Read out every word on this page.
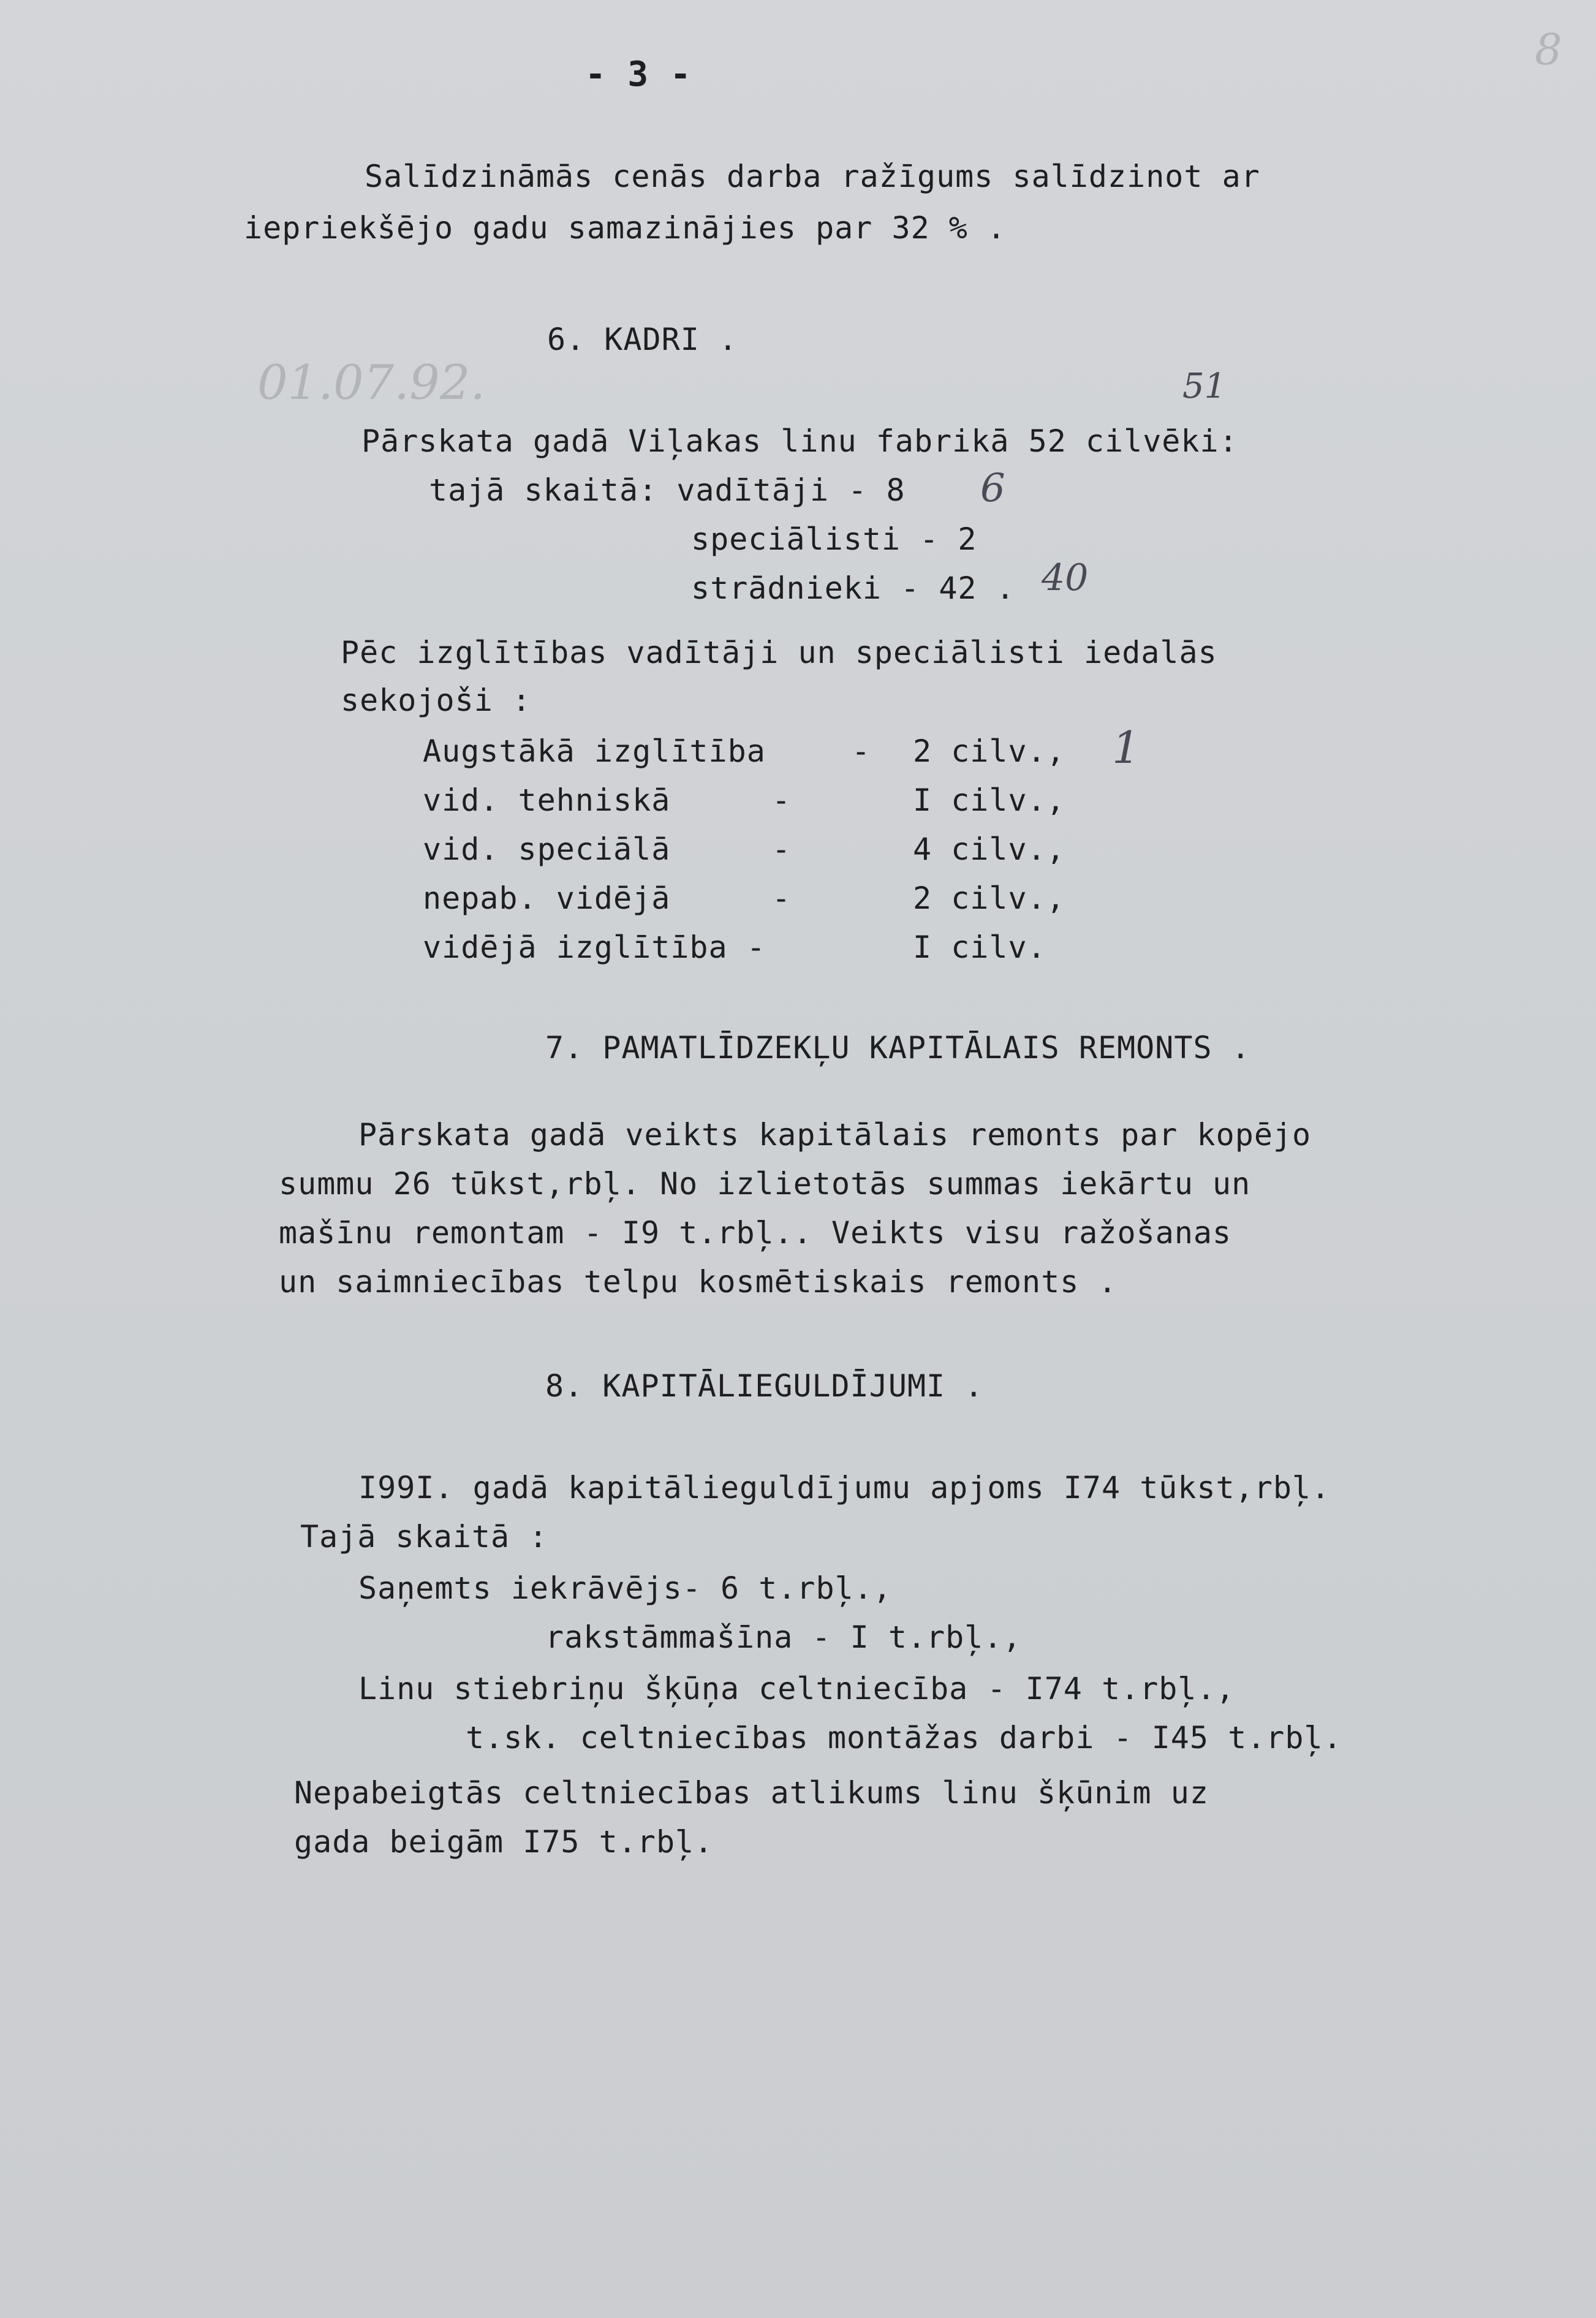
- 3 -
Salīdzināmās cenās darba ražīgums salīdzinot ar
iepriekšējo gadu samazinājies par 32 % .
6. KADRI .
Pārskata gadā Viļakas linu fabrikā 52 cilvēki:
tajā skaitā: vadītāji - 8
speciālisti - 2
strādnieki - 42 .
Pēc izglītības vadītāji un speciālisti iedalās
sekojoši :
Augstākā izglītība	- 2 cilv.,
vid. tehniskā	-	I cilv.,
vid. speciālā	-	4 cilv.,
nepab. vidējā	-	2 cilv.,
vidējā izglītība -	I cilv.
7. PAMATLĪDZEKĻU KAPITĀLAIS REMONTS .
Pārskata gadā veikts kapitālais remonts par kopējo
summu 26 tūkst,rbļ. No izlietotās summas iekārtu un
mašīnu remontam - I9 t.rbļ.. Veikts visu ražošanas
un saimniecības telpu kosmētiskais remonts .
8. KAPITĀLIEGULDĪJUMI .
I99I. gadā kapitālieguldījumu apjoms I74 tūkst,rbļ.
Tajā skaitā :
Saņemts iekrāvējs- 6 t.rbļ.,
rakstāmmašīna - I t.rbļ.,
Linu stiebriņu šķūņa celtniecība - I74 t.rbļ.,
t.sk. celtniecības montāžas darbi - I45 t.rbļ.
Nepabeigtās celtniecības atlikums linu šķūnim uz
gada beigām I75 t.rbļ.
01.07.92.	51
6
40
1
8
